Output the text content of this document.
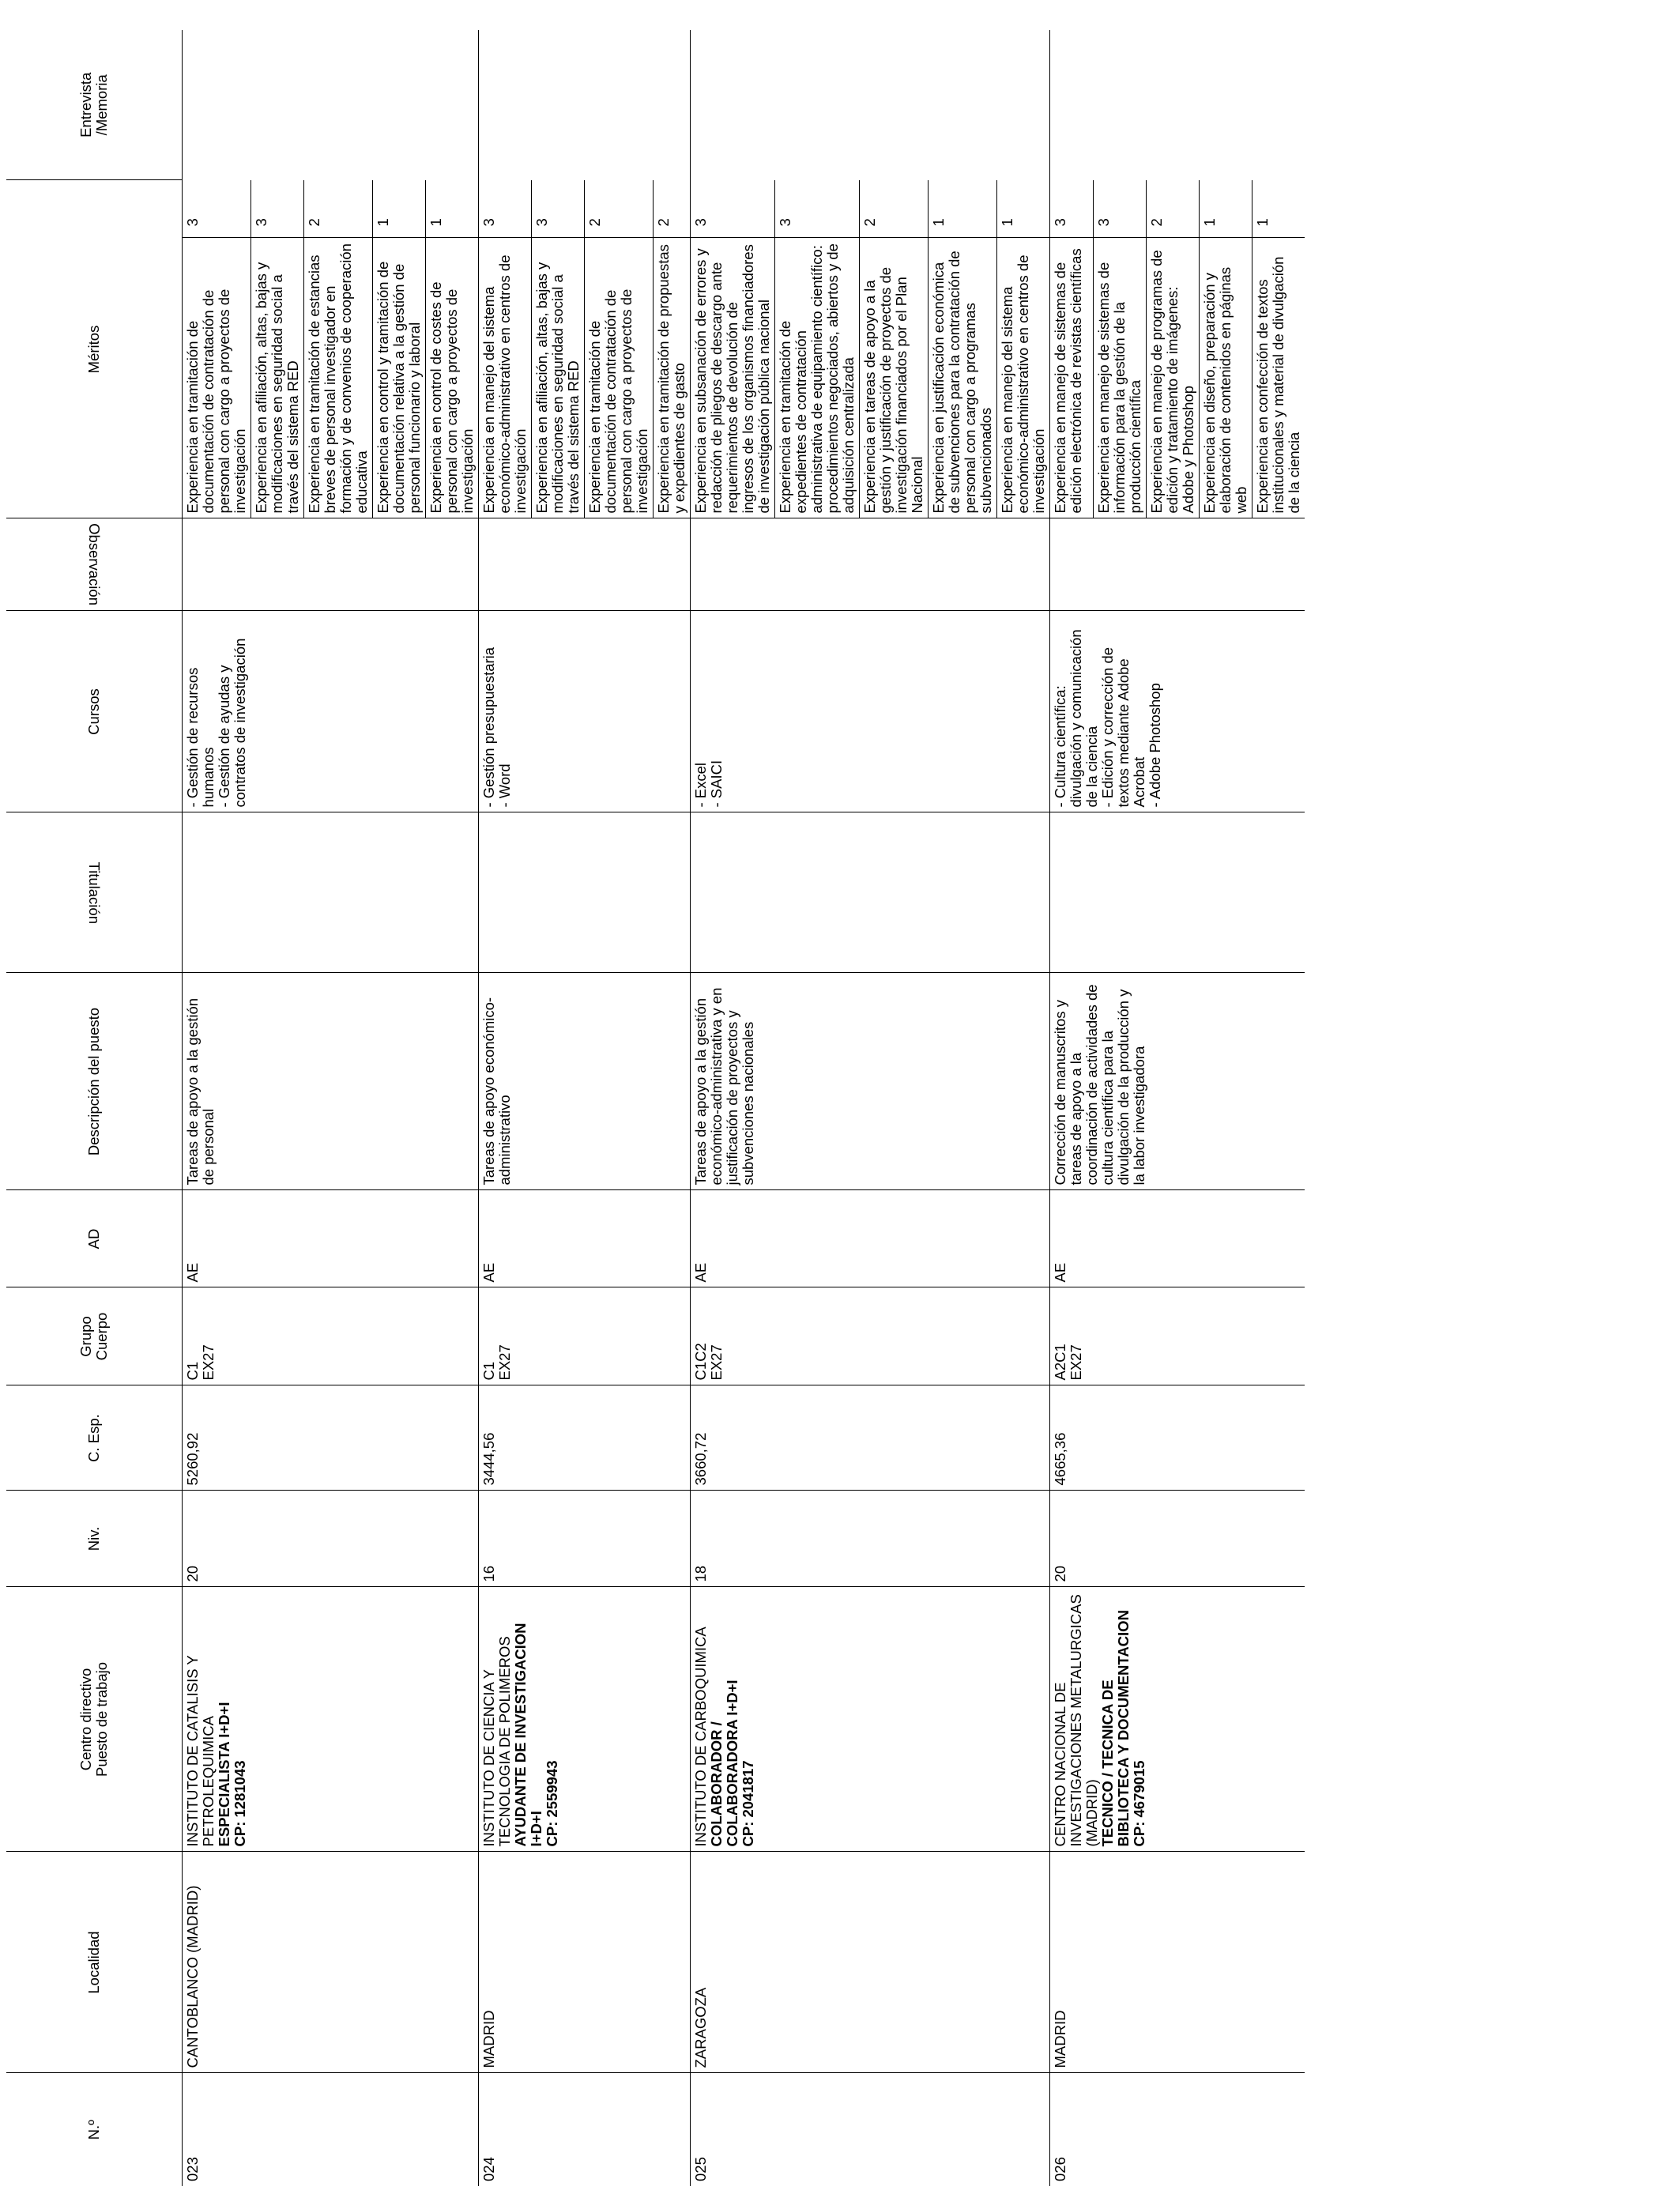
N.º	Localidad	Centro directivo Puesto de trabajo	Niv.	C. Esp.	Grupo Cuerpo	AD	Descripción del puesto	Titulación	Cursos	Observación	Méritos		Entrevista /Memoria

023	CANTOBLANCO (MADRID)	INSTITUTO DE CATALISIS Y PETROLEQUIMICA ESPECIALISTA I+D+I CP: 1281043	20	5260,92	C1 EX27	AE	Tareas de apoyo a la gestión de personal		- Gestión de recursos humanos - Gestión de ayudas y contratos de investigación		Experiencia en tramitación de documentación de contratación de personal con cargo a proyectos de investigación	3	
											Experiencia en afiliación, altas, bajas y modificaciones en seguridad social a través del sistema RED	3	
											Experiencia en tramitación de estancias breves de personal investigador en formación y de convenios de cooperación educativa	2	
											Experiencia en control y tramitación de documentación relativa a la gestión de personal funcionario y laboral	1	
											Experiencia en control de costes de personal con cargo a proyectos de investigación	1	
024	MADRID	INSTITUTO DE CIENCIA Y TECNOLOGIA DE POLIMEROS AYUDANTE DE INVESTIGACION I+D+I CP: 2559943	16	3444,56	C1 EX27	AE	Tareas de apoyo económico-administrativo		- Gestión presupuestaria - Word		Experiencia en manejo del sistema económico-administrativo en centros de investigación	3	
											Experiencia en afiliación, altas, bajas y modificaciones en seguridad social a través del sistema RED	3	
											Experiencia en tramitación de documentación de contratación de personal con cargo a proyectos de investigación	2	
											Experiencia en tramitación de propuestas y expedientes de gasto	2	
025	ZARAGOZA	INSTITUTO DE CARBOQUIMICA COLABORADOR / COLABORADORA I+D+I CP: 2041817	18	3660,72	C1C2 EX27	AE	Tareas de apoyo a la gestión económico-administrativa y en justificación de proyectos y subvenciones nacionales		- Excel - SAICI		Experiencia en subsanación de errores y redacción de pliegos de descargo ante requerimientos de devolución de ingresos de los organismos financiadores de investigación pública nacional	3	
											Experiencia en tramitación de expedientes de contratación administrativa de equipamiento científico: procedimientos negociados, abiertos y de adquisición centralizada	3	
											Experiencia en tareas de apoyo a la gestión y justificación de proyectos de investigación financiados por el Plan Nacional	2	
											Experiencia en justificación económica de subvenciones para la contratación de personal con cargo a programas subvencionados	1	
											Experiencia en manejo del sistema económico-administrativo en centros de investigación	1	
026	MADRID	CENTRO NACIONAL DE INVESTIGACIONES METALURGICAS (MADRID) TECNICO / TECNICA DE BIBLIOTECA Y DOCUMENTACION CP: 4679015	20	4665,36	A2C1 EX27	AE	Corrección de manuscritos y tareas de apoyo a la coordinación de actividades de cultura científica para la divulgación de la producción y la labor investigadora		- Cultura científica: divulgación y comunicación de la ciencia - Edición y corrección de textos mediante Adobe Acrobat - Adobe Photoshop		Experiencia en manejo de sistemas de edición electrónica de revistas científicas	3	
											Experiencia en manejo de sistemas de información para la gestión de la producción científica	3	
											Experiencia en manejo de programas de edición y tratamiento de imágenes: Adobe y Photoshop	2	
											Experiencia en diseño, preparación y elaboración de contenidos en páginas web	1	
											Experiencia en confección de textos institucionales y material de divulgación de la ciencia	1	
